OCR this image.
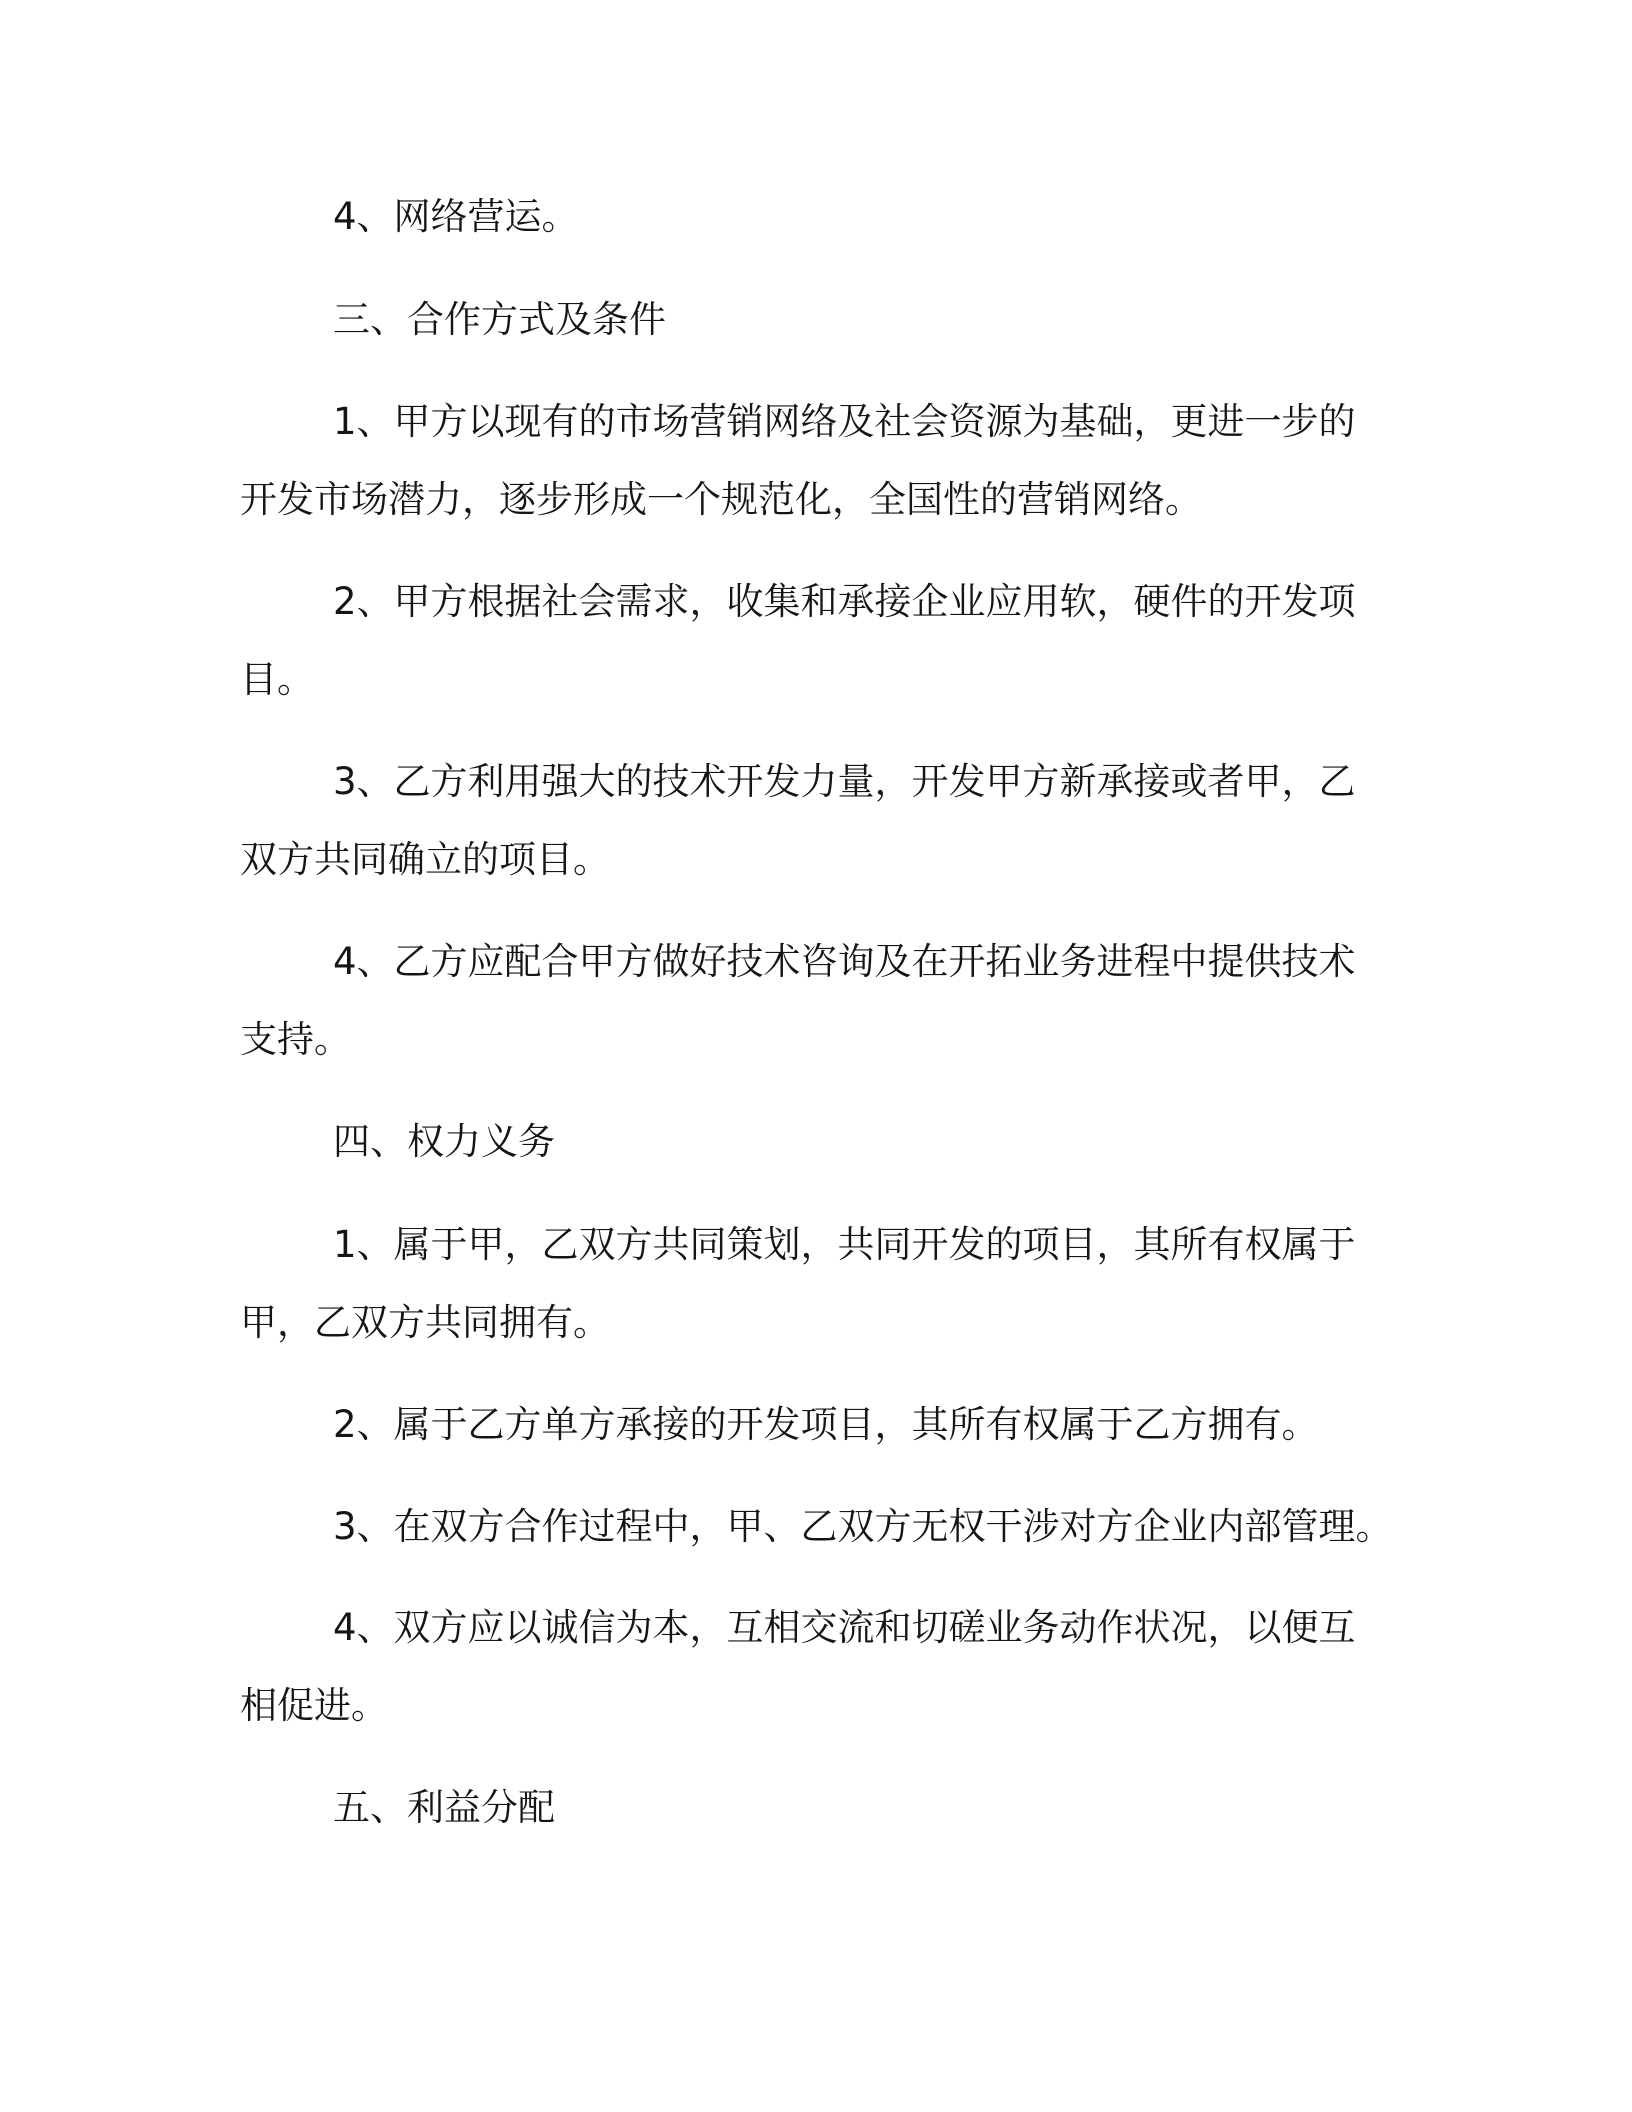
4、网络营运。

三、合作方式及条件

1、甲方以现有的市场营销网络及社会资源为基础，更进一步的

开发市场潜力，逐步形成一个规范化，全国性的营销网络。

2、甲方根据社会需求，收集和承接企业应用软，硬件的开发项

目。

3、乙方利用强大的技术开发力量，开发甲方新承接或者甲，乙

双方共同确立的项目。

4、乙方应配合甲方做好技术咨询及在开拓业务进程中提供技术

支持。

四、权力义务

1、属于甲，乙双方共同策划，共同开发的项目，其所有权属于

甲，乙双方共同拥有。

2、属于乙方单方承接的开发项目，其所有权属于乙方拥有。

3、在双方合作过程中，甲、乙双方无权干涉对方企业内部管理。

4、双方应以诚信为本，互相交流和切磋业务动作状况，以便互

相促进。

五、利益分配
